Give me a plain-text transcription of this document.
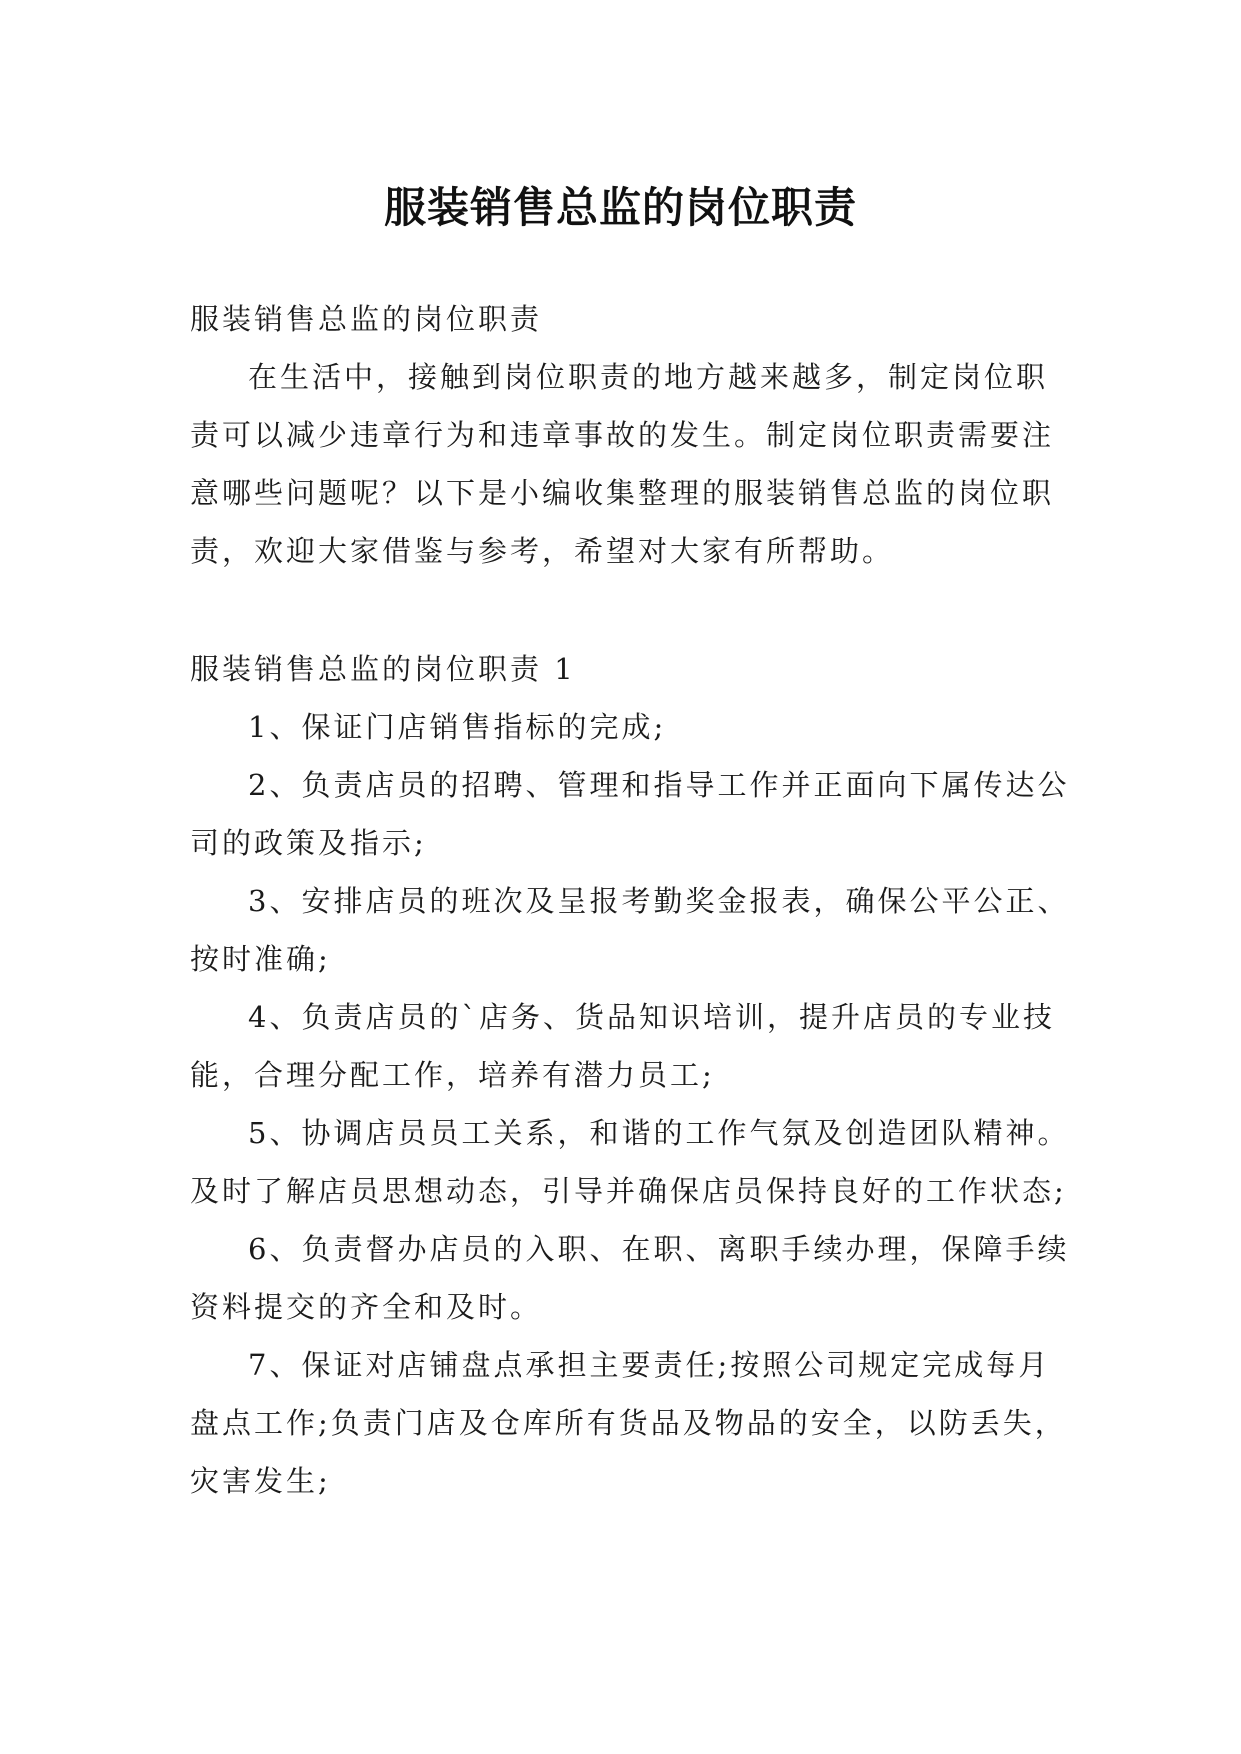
服装销售总监的岗位职责

服装销售总监的岗位职责

在生活中，接触到岗位职责的地方越来越多，制定岗位职责可以减少违章行为和违章事故的发生。制定岗位职责需要注意哪些问题呢？以下是小编收集整理的服装销售总监的岗位职责，欢迎大家借鉴与参考，希望对大家有所帮助。

服装销售总监的岗位职责 1

1、保证门店销售指标的完成;

2、负责店员的招聘、管理和指导工作并正面向下属传达公司的政策及指示;

3、安排店员的班次及呈报考勤奖金报表，确保公平公正、按时准确;

4、负责店员的`店务、货品知识培训，提升店员的专业技能，合理分配工作，培养有潜力员工;

5、协调店员员工关系，和谐的工作气氛及创造团队精神。及时了解店员思想动态，引导并确保店员保持良好的工作状态;

6、负责督办店员的入职、在职、离职手续办理，保障手续资料提交的齐全和及时。

7、保证对店铺盘点承担主要责任;按照公司规定完成每月盘点工作;负责门店及仓库所有货品及物品的安全，以防丢失，灾害发生;
